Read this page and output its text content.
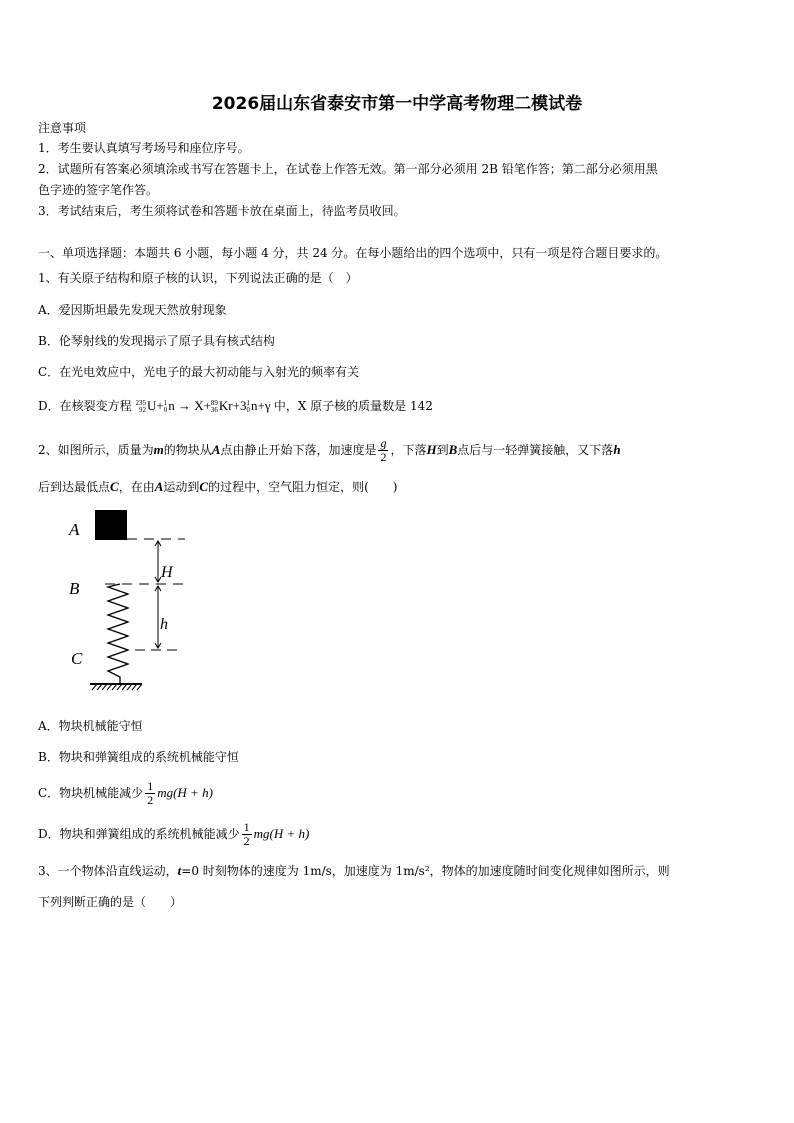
2026届山东省泰安市第一中学高考物理二模试卷
注意事项
1．考生要认真填写考场号和座位序号。
2．试题所有答案必须填涂或书写在答题卡上，在试卷上作答无效。第一部分必须用 2B 铅笔作答；第二部分必须用黑
色字迹的签字笔作答。
3．考试结束后，考生须将试卷和答题卡放在桌面上，待监考员收回。
一、单项选择题：本题共 6 小题，每小题 4 分，共 24 分。在每小题给出的四个选项中，只有一项是符合题目要求的。
1、有关原子结构和原子核的认识，下列说法正确的是（　）
A．爱因斯坦最先发现天然放射现象
B．伦琴射线的发现揭示了原子具有核式结构
C．在光电效应中，光电子的最大初动能与入射光的频率有关
D．在核裂变方程 235
92 U+ 1
0 n → X+ 89
36 Kr+3 1
0 n+γ 中，X 原子核的质量数是 142
2、如图所示，质量为m的物块从A点由静止开始下落，加速度是 $\frac{g}{2}$ ，下落H到B点后与一轻弹簧接触，又下落h
后到达最低点C，在由A运动到C的过程中，空气阻力恒定，则(　　)
A
B
C
H
h
A．物块机械能守恒
B．物块和弹簧组成的系统机械能守恒
C．物块机械能减少 $\frac{1}{2} mg(H + h)$
D．物块和弹簧组成的系统机械能减少 $\frac{1}{2} mg(H + h)$
3、一个物体沿直线运动，t=0 时刻物体的速度为 1m/s，加速度为 1m/s²，物体的加速度随时间变化规律如图所示，则
下列判断正确的是（　　）
